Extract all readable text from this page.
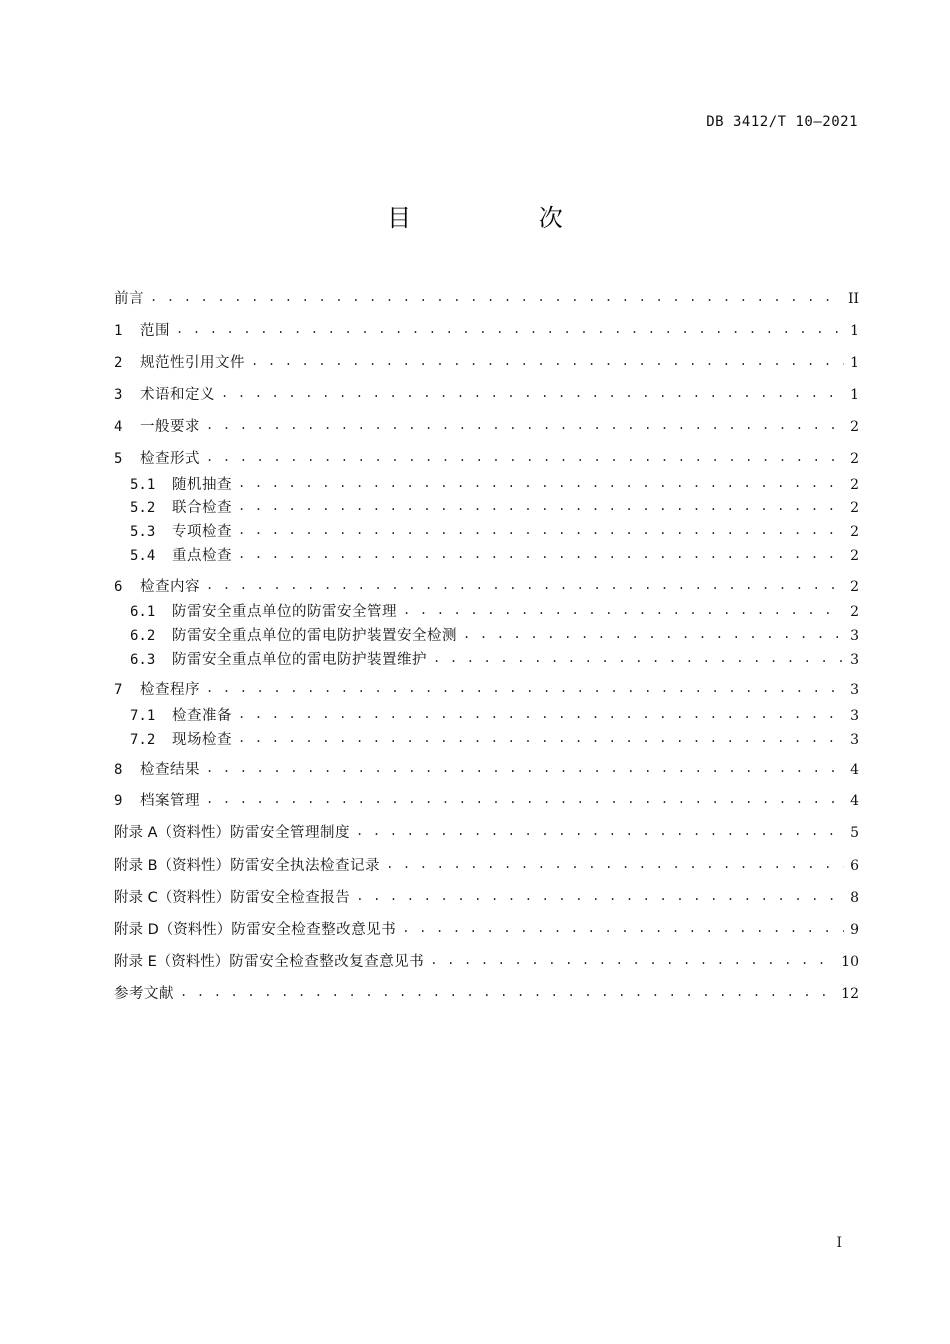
DB 3412/T 10—2021
目 次
前言 . . .	II
1	范围 . . .	1
2	规范性引用文件 . . .	1
3	术语和定义 . . .	1
4	一般要求 . . .	2
5	检查形式 . . .	2
5.1	随机抽查 . . .	2
5.2	联合检查 . . .	2
5.3	专项检查 . . .	2
5.4	重点检查 . . .	2
6	检查内容 . . .	2
6.1	防雷安全重点单位的防雷安全管理 . . .	2
6.2	防雷安全重点单位的雷电防护装置安全检测 . . .	3
6.3	防雷安全重点单位的雷电防护装置维护 . . .	3
7	检查程序 . . .	3
7.1	检查准备 . . .	3
7.2	现场检查 . . .	3
8	检查结果 . . .	4
9	档案管理 . . .	4
附录 A（资料性） 防雷安全管理制度 . . .	5
附录 B（资料性） 防雷安全执法检查记录 . . .	6
附录 C（资料性） 防雷安全检查报告 . . .	8
附录 D（资料性） 防雷安全检查整改意见书 . . .	9
附录 E（资料性） 防雷安全检查整改复查意见书 . . .	10
参考文献 . . .	12
I
